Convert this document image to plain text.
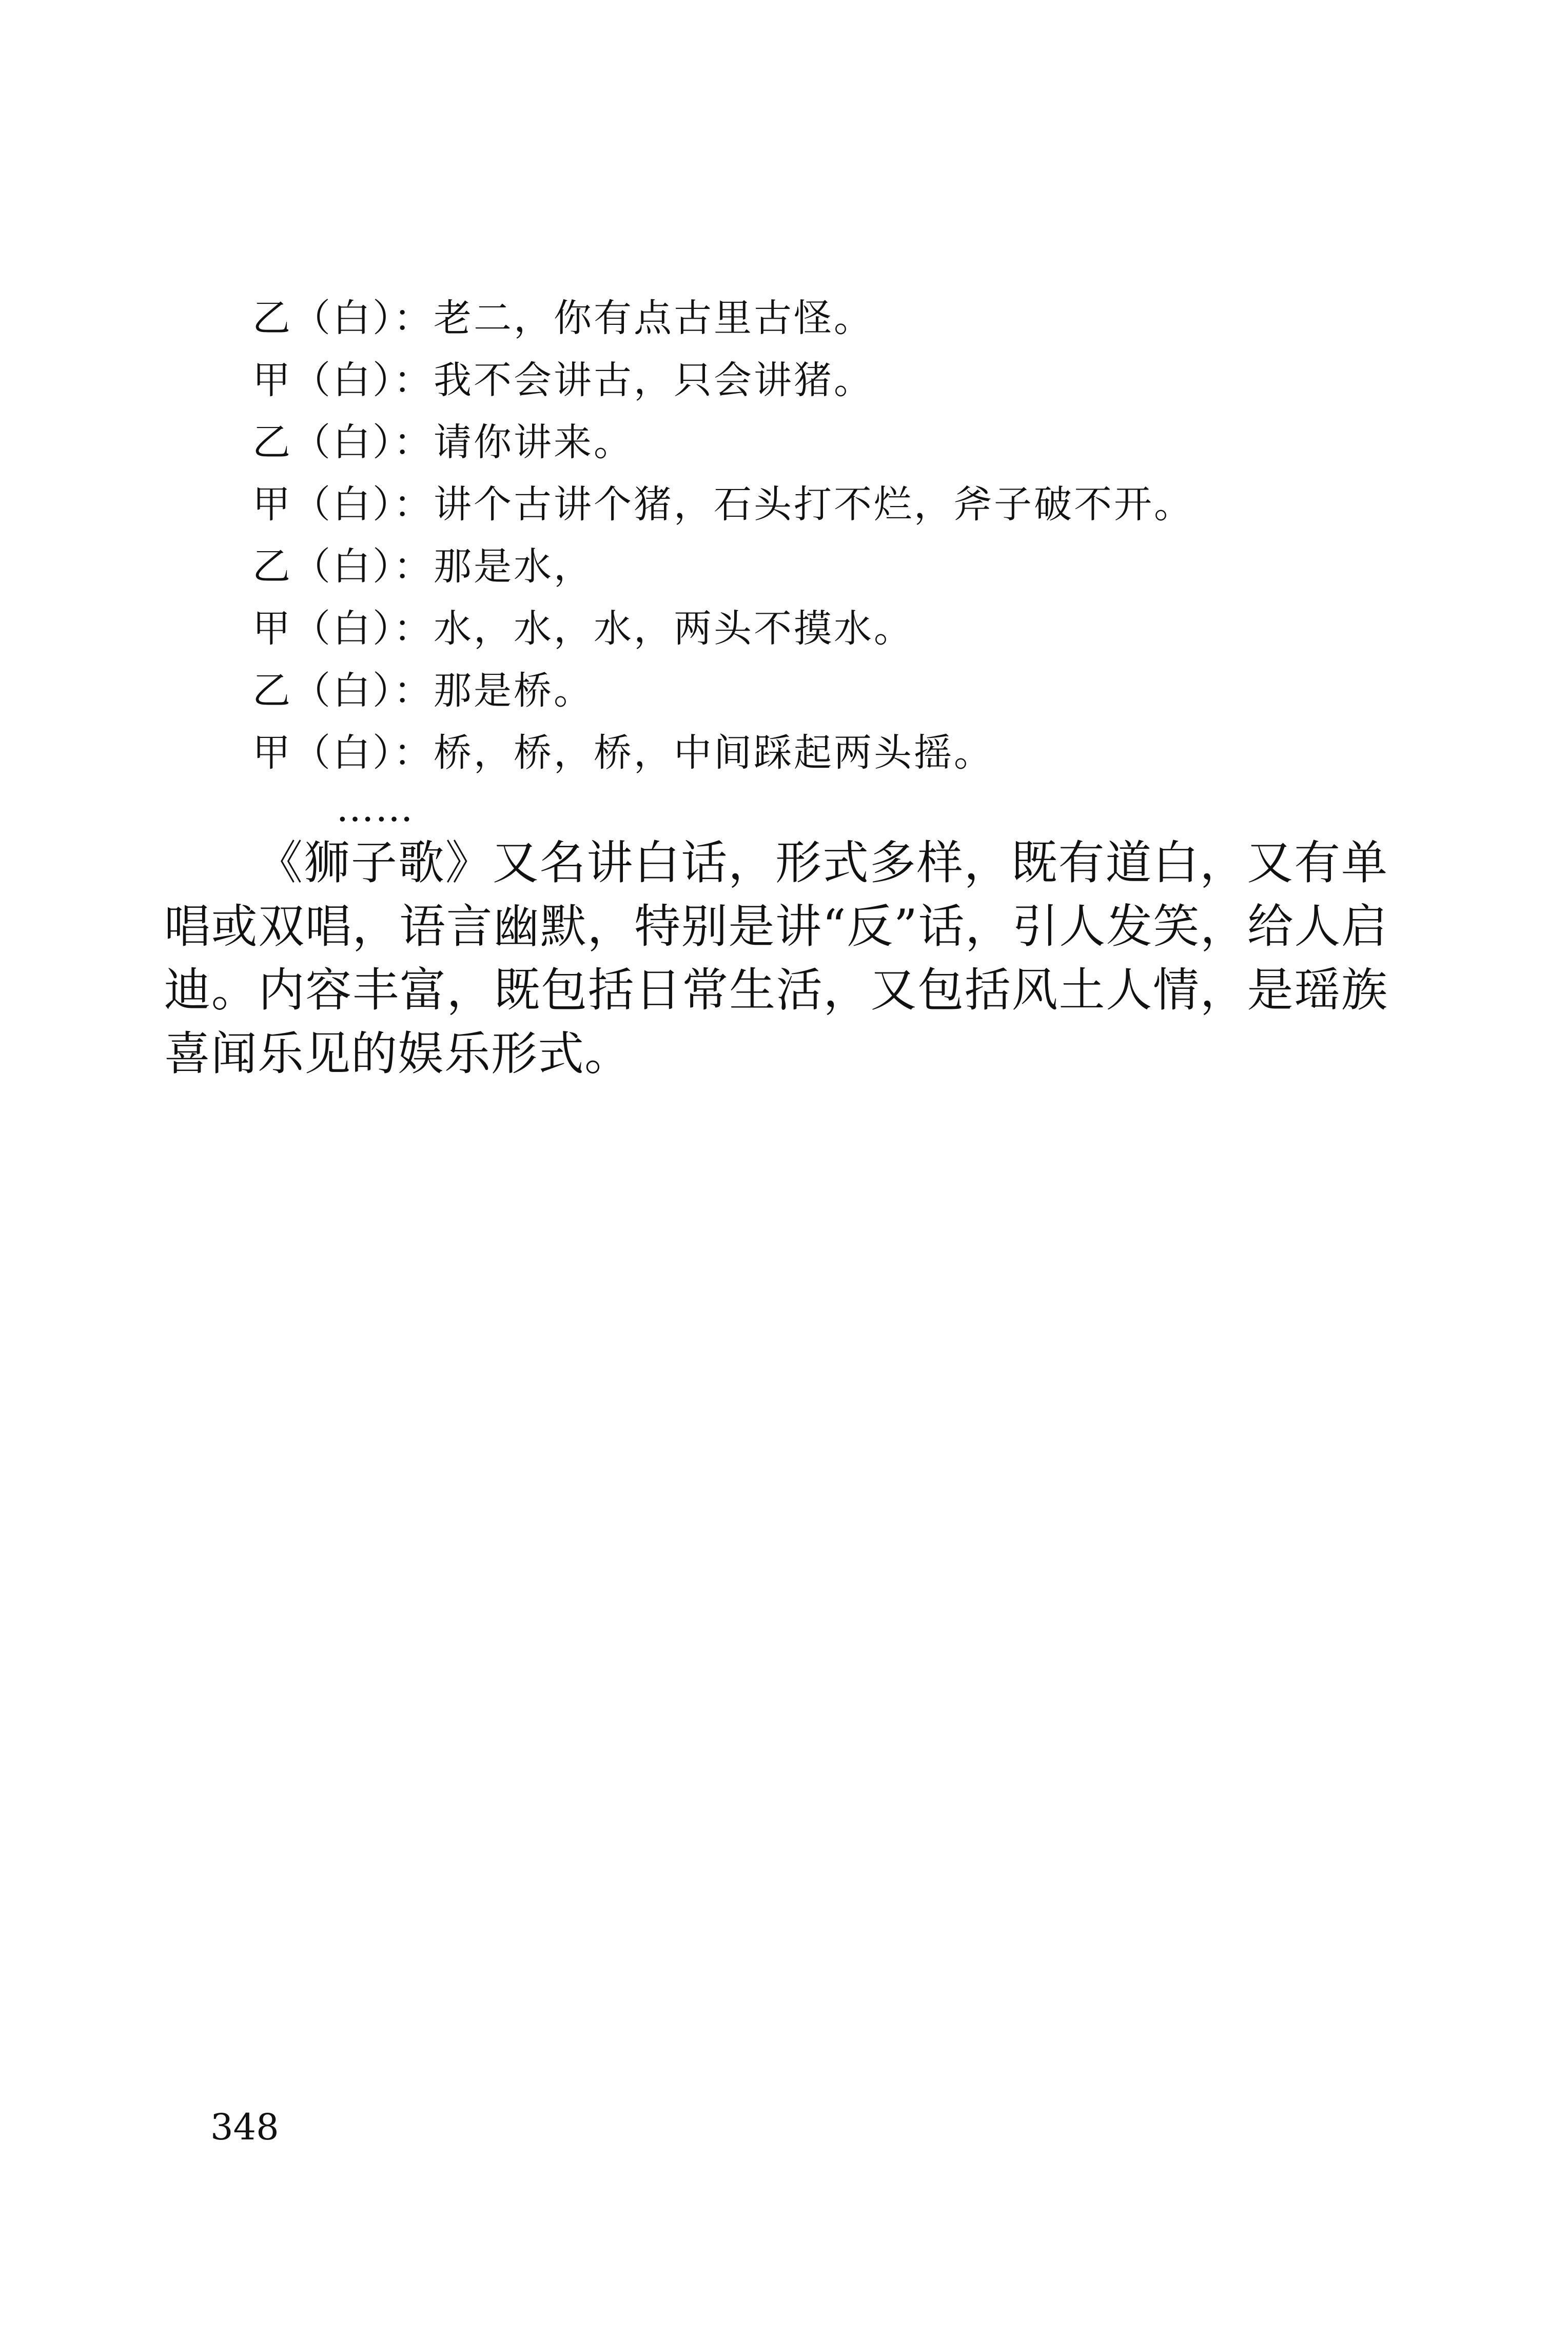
乙（白）：老二，你有点古里古怪。
甲（白）：我不会讲古，只会讲猪。
乙（白）：请你讲来。
甲（白）：讲个古讲个猪，石头打不烂，斧子破不开。
乙（白）：那是水，
甲（白）：水，水，水，两头不摸水。
乙（白）：那是桥。
甲（白）：桥，桥，桥，中间踩起两头摇。
……

《狮子歌》又名讲白话，形式多样，既有道白，又有单唱或双唱，语言幽默，特别是讲“反”话，引人发笑，给人启迪。内容丰富，既包括日常生活，又包括风土人情，是瑶族喜闻乐见的娱乐形式。

348
